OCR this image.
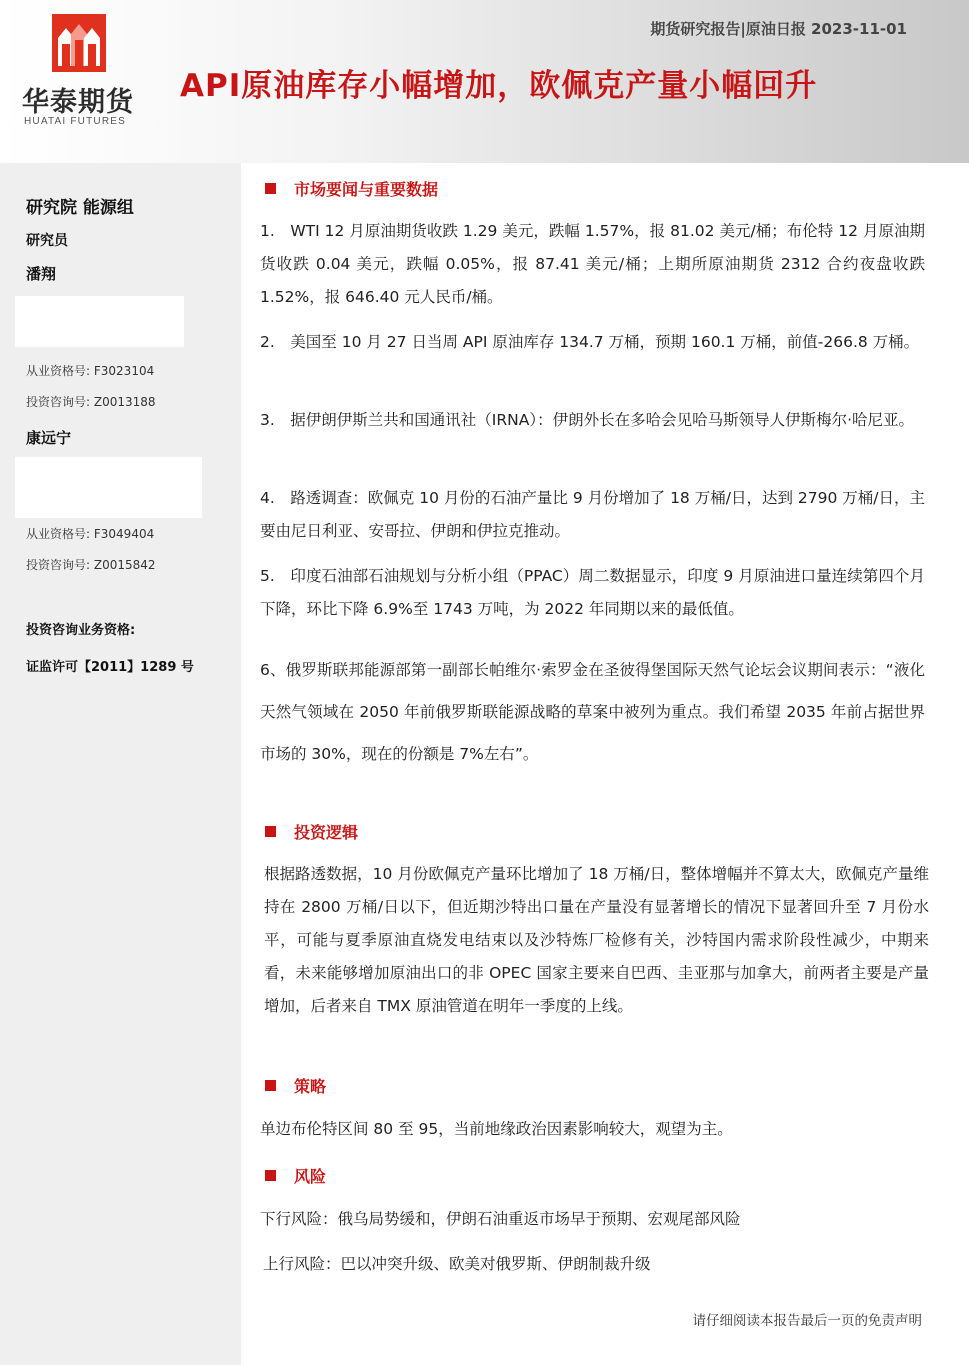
华泰期货
HUATAI FUTURES
期货研究报告|原油日报 2023-11-01
API原油库存小幅增加，欧佩克产量小幅回升
研究院 能源组
研究员
潘翔
从业资格号: F3023104
投资咨询号: Z0013188
康远宁
从业资格号: F3049404
投资咨询号: Z0015842
投资咨询业务资格:
证监许可【2011】1289 号
市场要闻与重要数据
1.　WTI 12 月原油期货收跌 1.29 美元，跌幅 1.57%，报 81.02 美元/桶；布伦特 12 月原油期货收跌 0.04 美元，跌幅 0.05%，报 87.41 美元/桶；上期所原油期货 2312 合约夜盘收跌 1.52%，报 646.40 元人民币/桶。
2.　美国至 10 月 27 日当周 API 原油库存 134.7 万桶，预期 160.1 万桶，前值-266.8 万桶。
3.　据伊朗伊斯兰共和国通讯社（IRNA）：伊朗外长在多哈会见哈马斯领导人伊斯梅尔·哈尼亚。
4.　路透调查：欧佩克 10 月份的石油产量比 9 月份增加了 18 万桶/日，达到 2790 万桶/日，主要由尼日利亚、安哥拉、伊朗和伊拉克推动。
5.　印度石油部石油规划与分析小组（PPAC）周二数据显示，印度 9 月原油进口量连续第四个月下降，环比下降 6.9%至 1743 万吨，为 2022 年同期以来的最低值。
6、俄罗斯联邦能源部第一副部长帕维尔·索罗金在圣彼得堡国际天然气论坛会议期间表示：“液化天然气领域在 2050 年前俄罗斯联能源战略的草案中被列为重点。我们希望 2035 年前占据世界市场的 30%，现在的份额是 7%左右”。
投资逻辑
根据路透数据，10 月份欧佩克产量环比增加了 18 万桶/日，整体增幅并不算太大，欧佩克产量维持在 2800 万桶/日以下，但近期沙特出口量在产量没有显著增长的情况下显著回升至 7 月份水平，可能与夏季原油直烧发电结束以及沙特炼厂检修有关，沙特国内需求阶段性减少，中期来看，未来能够增加原油出口的非 OPEC 国家主要来自巴西、圭亚那与加拿大，前两者主要是产量增加，后者来自 TMX 原油管道在明年一季度的上线。
策略
单边布伦特区间 80 至 95，当前地缘政治因素影响较大，观望为主。
风险
下行风险：俄乌局势缓和，伊朗石油重返市场早于预期、宏观尾部风险
上行风险：巴以冲突升级、欧美对俄罗斯、伊朗制裁升级
请仔细阅读本报告最后一页的免责声明
